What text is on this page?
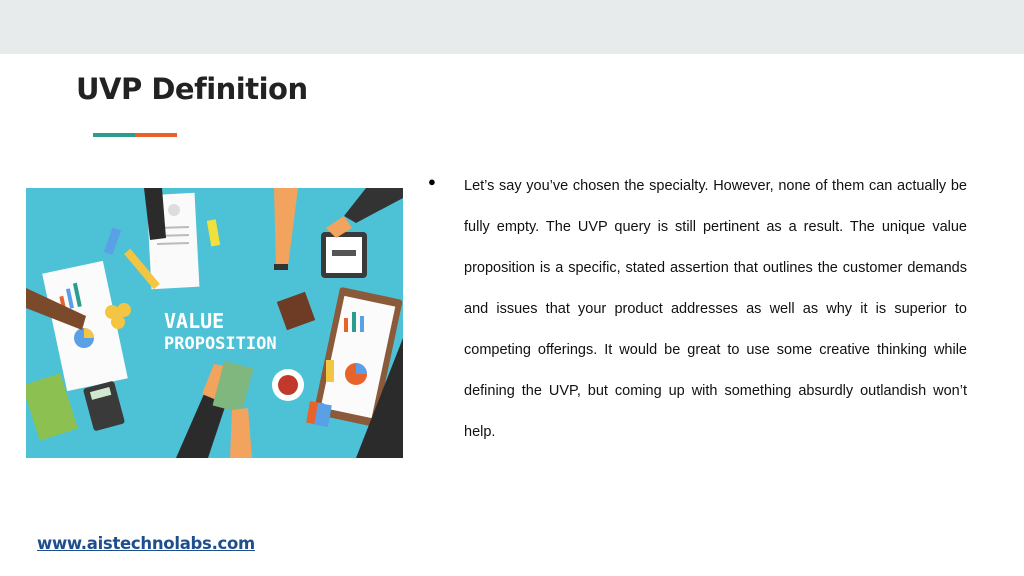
UVP Definition
VALUE
PROPOSITION
● Let’s say you’ve chosen the specialty. However, none of them can actually be fully empty. The UVP query is still pertinent as a result. The unique value proposition is a specific, stated assertion that outlines the customer demands and issues that your product addresses as well as why it is superior to competing offerings. It would be great to use some creative thinking while defining the UVP, but coming up with something absurdly outlandish won’t help.

www.aistechnolabs.com
